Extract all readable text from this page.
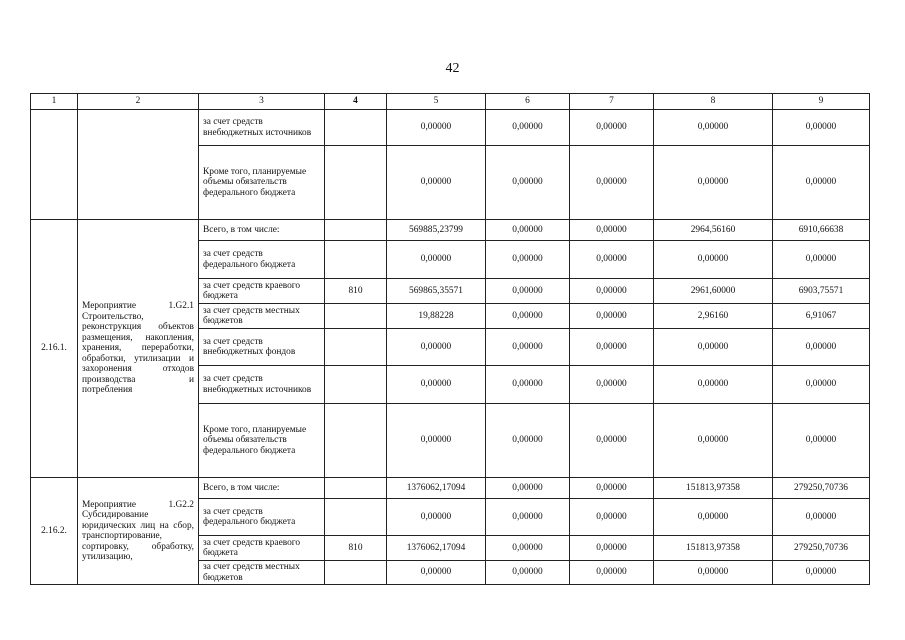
42
1	2	3	4	5	6	7	8	9
		за счет средств внебюджетных источников		0,00000	0,00000	0,00000	0,00000	0,00000
		Кроме того, планируемые объемы обязательств федерального бюджета		0,00000	0,00000	0,00000	0,00000	0,00000
2.16.1.	Мероприятие 1.G2.1 Строительство, реконструкция объектов размещения, накопления, хранения, переработки, обработки, утилизации и захоронения отходов производства и потребления	Всего, в том числе:		569885,23799	0,00000	0,00000	2964,56160	6910,66638
		за счет средств федерального бюджета		0,00000	0,00000	0,00000	0,00000	0,00000
		за счет средств краевого бюджета	810	569865,35571	0,00000	0,00000	2961,60000	6903,75571
		за счет средств местных бюджетов		19,88228	0,00000	0,00000	2,96160	6,91067
		за счет средств внебюджетных фондов		0,00000	0,00000	0,00000	0,00000	0,00000
		за счет средств внебюджетных источников		0,00000	0,00000	0,00000	0,00000	0,00000
		Кроме того, планируемые объемы обязательств федерального бюджета		0,00000	0,00000	0,00000	0,00000	0,00000
2.16.2.	Мероприятие 1.G2.2 Субсидирование юридических лиц на сбор, транспортирование, сортировку, обработку, утилизацию,	Всего, в том числе:		1376062,17094	0,00000	0,00000	151813,97358	279250,70736
		за счет средств федерального бюджета		0,00000	0,00000	0,00000	0,00000	0,00000
		за счет средств краевого бюджета	810	1376062,17094	0,00000	0,00000	151813,97358	279250,70736
		за счет средств местных бюджетов		0,00000	0,00000	0,00000	0,00000	0,00000
